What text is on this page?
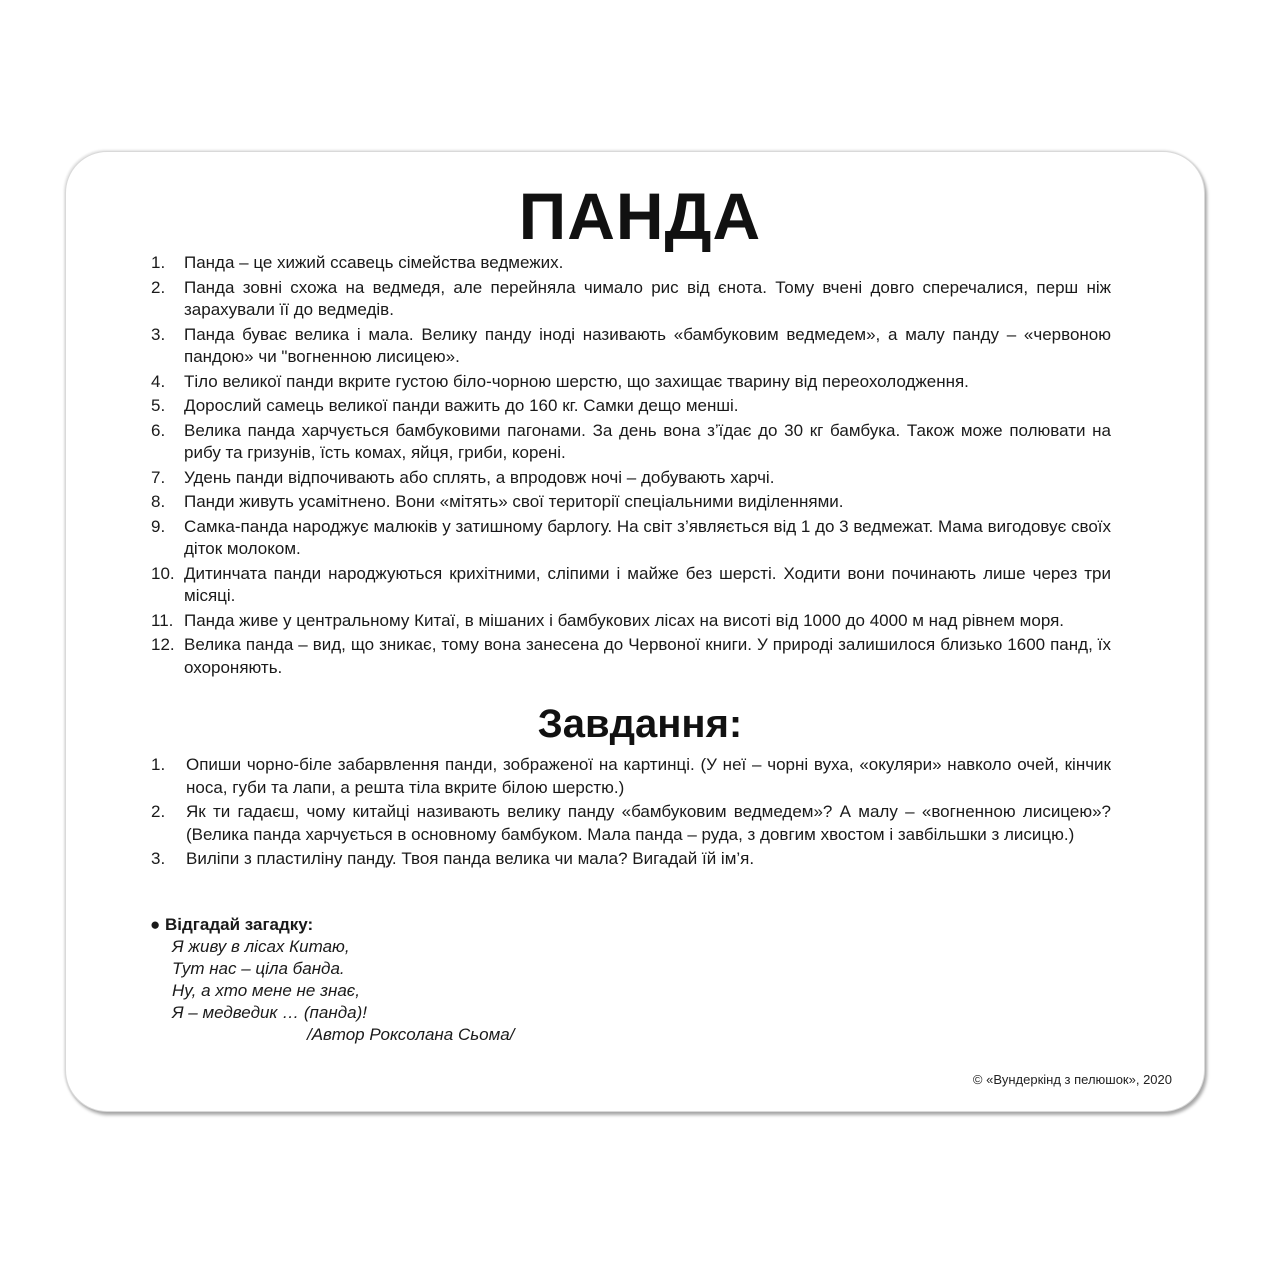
ПАНДА
1.	Панда – це хижий ссавець сімейства ведмежих.
2.	Панда зовні схожа на ведмедя, але перейняла чимало рис від єнота. Тому вчені довго сперечалися, перш ніж зарахували її до ведмедів.
3.	Панда буває велика і мала. Велику панду іноді називають «бамбуковим ведмедем», а малу панду – «червоною пандою» чи "вогненною лисицею».
4.	Тіло великої панди вкрите густою біло-чорною шерстю, що захищає тварину від переохолодження.
5.	Дорослий самець великої панди важить до 160 кг. Самки дещо менші.
6.	Велика панда харчується бамбуковими пагонами. За день вона з’їдає до 30 кг бамбука. Також може полювати на рибу та гризунів, їсть комах, яйця, гриби, корені.
7.	Удень панди відпочивають або сплять, а впродовж ночі – добувають харчі.
8.	Панди живуть усамітнено. Вони «мітять» свої території спеціальними виділеннями.
9.	Самка-панда народжує малюків у затишному барлогу. На світ з’являється від 1 до 3 ведмежат. Мама вигодовує своїх діток молоком.
10. Дитинчата панди народжуються крихітними, сліпими і майже без шерсті. Ходити вони починають лише через три місяці.
11. Панда живе у центральному Китаї, в мішаних і бамбукових лісах на висоті від 1000 до 4000 м над рівнем моря.
12. Велика панда – вид, що зникає, тому вона занесена до Червоної книги. У природі залишилося близько 1600 панд, їх охороняють.
Завдання:
1.	Опиши чорно-біле забарвлення панди, зображеної на картинці. (У неї – чорні вуха, «окуляри» навколо очей, кінчик носа, губи та лапи, а решта тіла вкрите білою шерстю.)
2.	Як ти гадаєш, чому китайці називають велику панду «бамбуковим ведмедем»? А малу – «вогненною лисицею»? (Велика панда харчується в основному бамбуком. Мала панда – руда, з довгим хвостом і завбільшки з лисицю.)
3.	Виліпи з пластиліну панду. Твоя панда велика чи мала? Вигадай їй ім’я.
● Відгадай загадку:
Я живу в лісах Китаю,
Тут нас – ціла банда.
Ну, а хто мене не знає,
Я – медведик … (панда)!
/Автор Роксолана Сьома/
© «Вундеркінд з пелюшок», 2020
